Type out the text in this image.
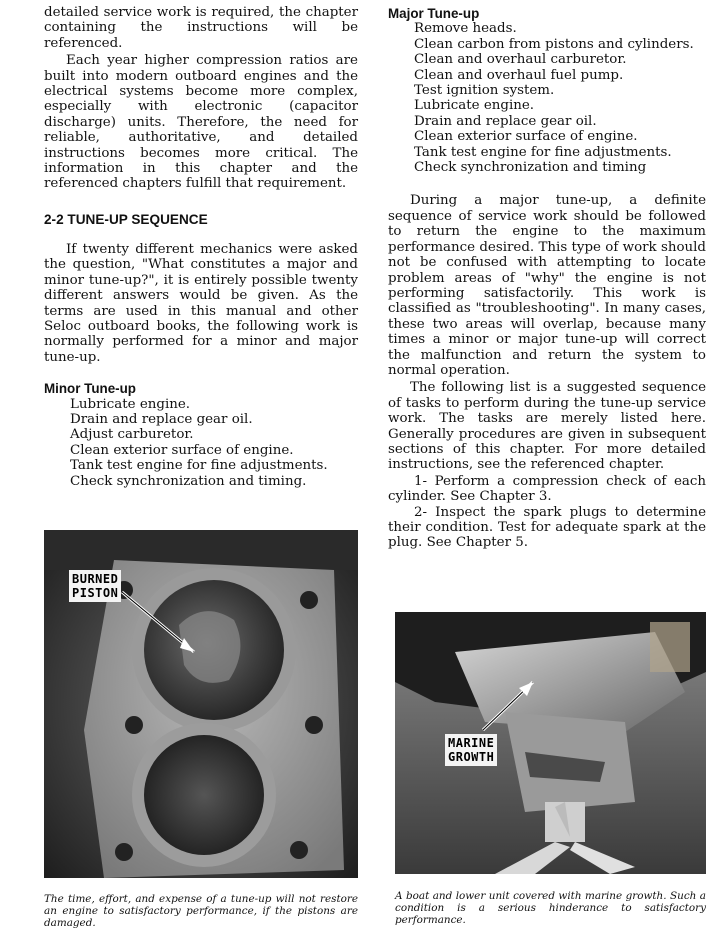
detailed service work is required, the chapter containing the instructions will be referenced.

Each year higher compression ratios are built into modern outboard engines and the electrical systems become more complex, especially with electronic (capacitor discharge) units. Therefore, the need for reliable, authoritative, and detailed instructions becomes more critical. The information in this chapter and the referenced chapters fulfill that requirement.

2-2 TUNE-UP SEQUENCE

If twenty different mechanics were asked the question, "What constitutes a major and minor tune-up?", it is entirely possible twenty different answers would be given. As the terms are used in this manual and other Seloc outboard books, the following work is normally performed for a minor and major tune-up.

Minor Tune-up
Lubricate engine.
Drain and replace gear oil.
Adjust carburetor.
Clean exterior surface of engine.
Tank test engine for fine adjustments.
Check synchronization and timing.
BURNED
PISTON
The time, effort, and expense of a tune-up will not restore an engine to satisfactory performance, if the pistons are damaged.
Major Tune-up
Remove heads.
Clean carbon from pistons and cylinders.
Clean and overhaul carburetor.
Clean and overhaul fuel pump.
Test ignition system.
Lubricate engine.
Drain and replace gear oil.
Clean exterior surface of engine.
Tank test engine for fine adjustments.
Check synchronization and timing

During a major tune-up, a definite sequence of service work should be followed to return the engine to the maximum performance desired. This type of work should not be confused with attempting to locate problem areas of "why" the engine is not performing satisfactorily. This work is classified as "troubleshooting". In many cases, these two areas will overlap, because many times a minor or major tune-up will correct the malfunction and return the system to normal operation.

The following list is a suggested sequence of tasks to perform during the tune-up service work. The tasks are merely listed here. Generally procedures are given in subsequent sections of this chapter. For more detailed instructions, see the referenced chapter.

1- Perform a compression check of each cylinder. See Chapter 3.

2- Inspect the spark plugs to determine their condition. Test for adequate spark at the plug. See Chapter 5.

MARINE
GROWTH
A boat and lower unit covered with marine growth. Such a condition is a serious hinderance to satisfactory performance.
